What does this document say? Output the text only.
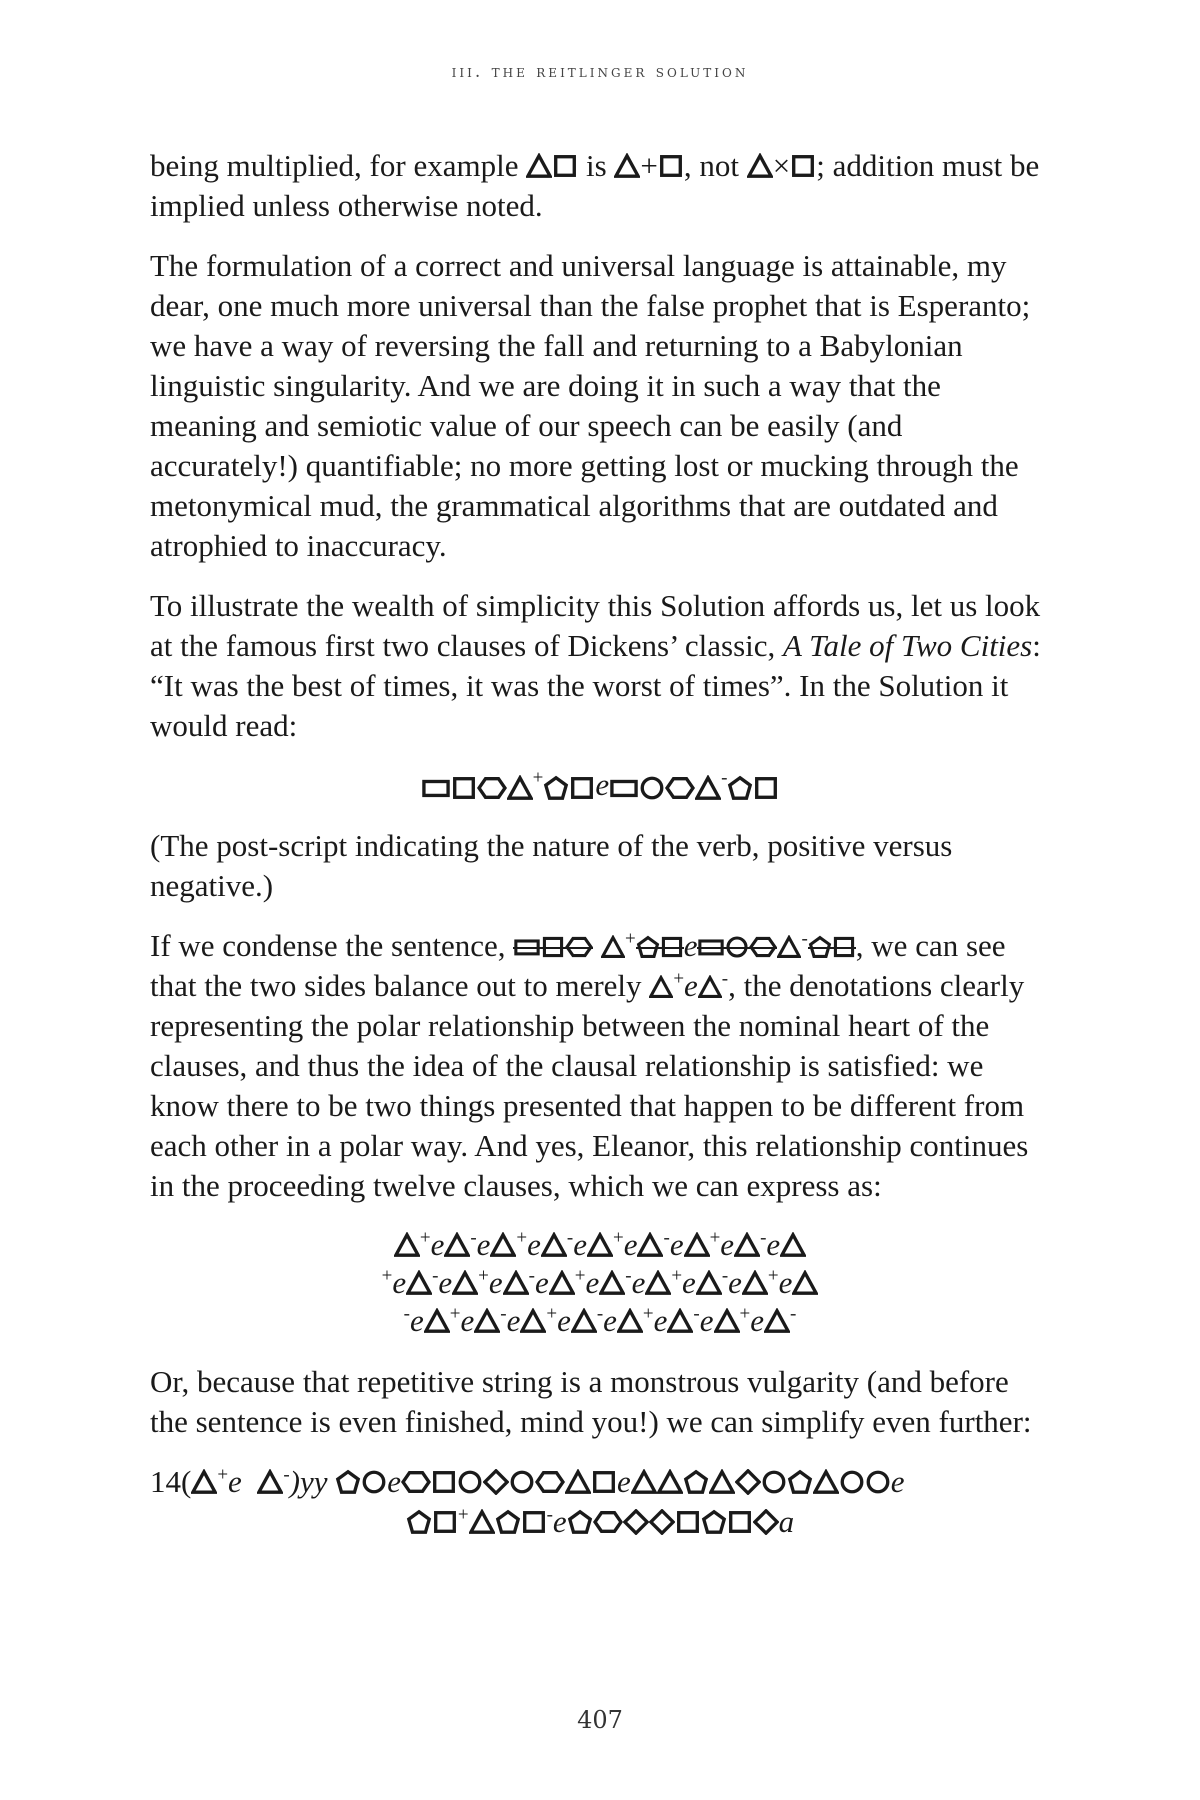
iii. the reitlinger solution

being multiplied, for example is + , not × ; addition must be implied unless otherwise noted.

The formulation of a correct and universal language is attainable, my dear, one much more universal than the false prophet that is Esperanto; we have a way of reversing the fall and returning to a Babylonian linguistic singularity. And we are doing it in such a way that the meaning and semiotic value of our speech can be easily (and accurately!) quantifiable; no more getting lost or mucking through the metonymical mud, the grammatical algorithms that are outdated and atrophied to inaccuracy.

To illustrate the wealth of simplicity this Solution affords us, let us look at the famous first two clauses of Dickens’ classic, A Tale of Two Cities: “It was the best of times, it was the worst of times”. In the Solution it would read:

+ e	-

(The post-script indicating the nature of the verb, positive versus negative.)

If we condense the sentence,	+ e	- , we can see that the two sides balance out to merely +e -, the denotations clearly representing the polar relationship between the nominal heart of the clauses, and thus the idea of the clausal relationship is satisfied: we know there to be two things presented that happen to be different from each other in a polar way. And yes, Eleanor, this relationship continues in the proceeding twelve clauses, which we can express as:

+e -e +e -e +e -e +e -e
+e -e +e -e +e -e +e -e +e
-e +e -e +e -e +e -e +e -

Or, because that repetitive string is a monstrous vulgarity (and before the sentence is even finished, mind you!) we can simplify even further:

14( +e -)yy e	e	e
+	-e	a
407
